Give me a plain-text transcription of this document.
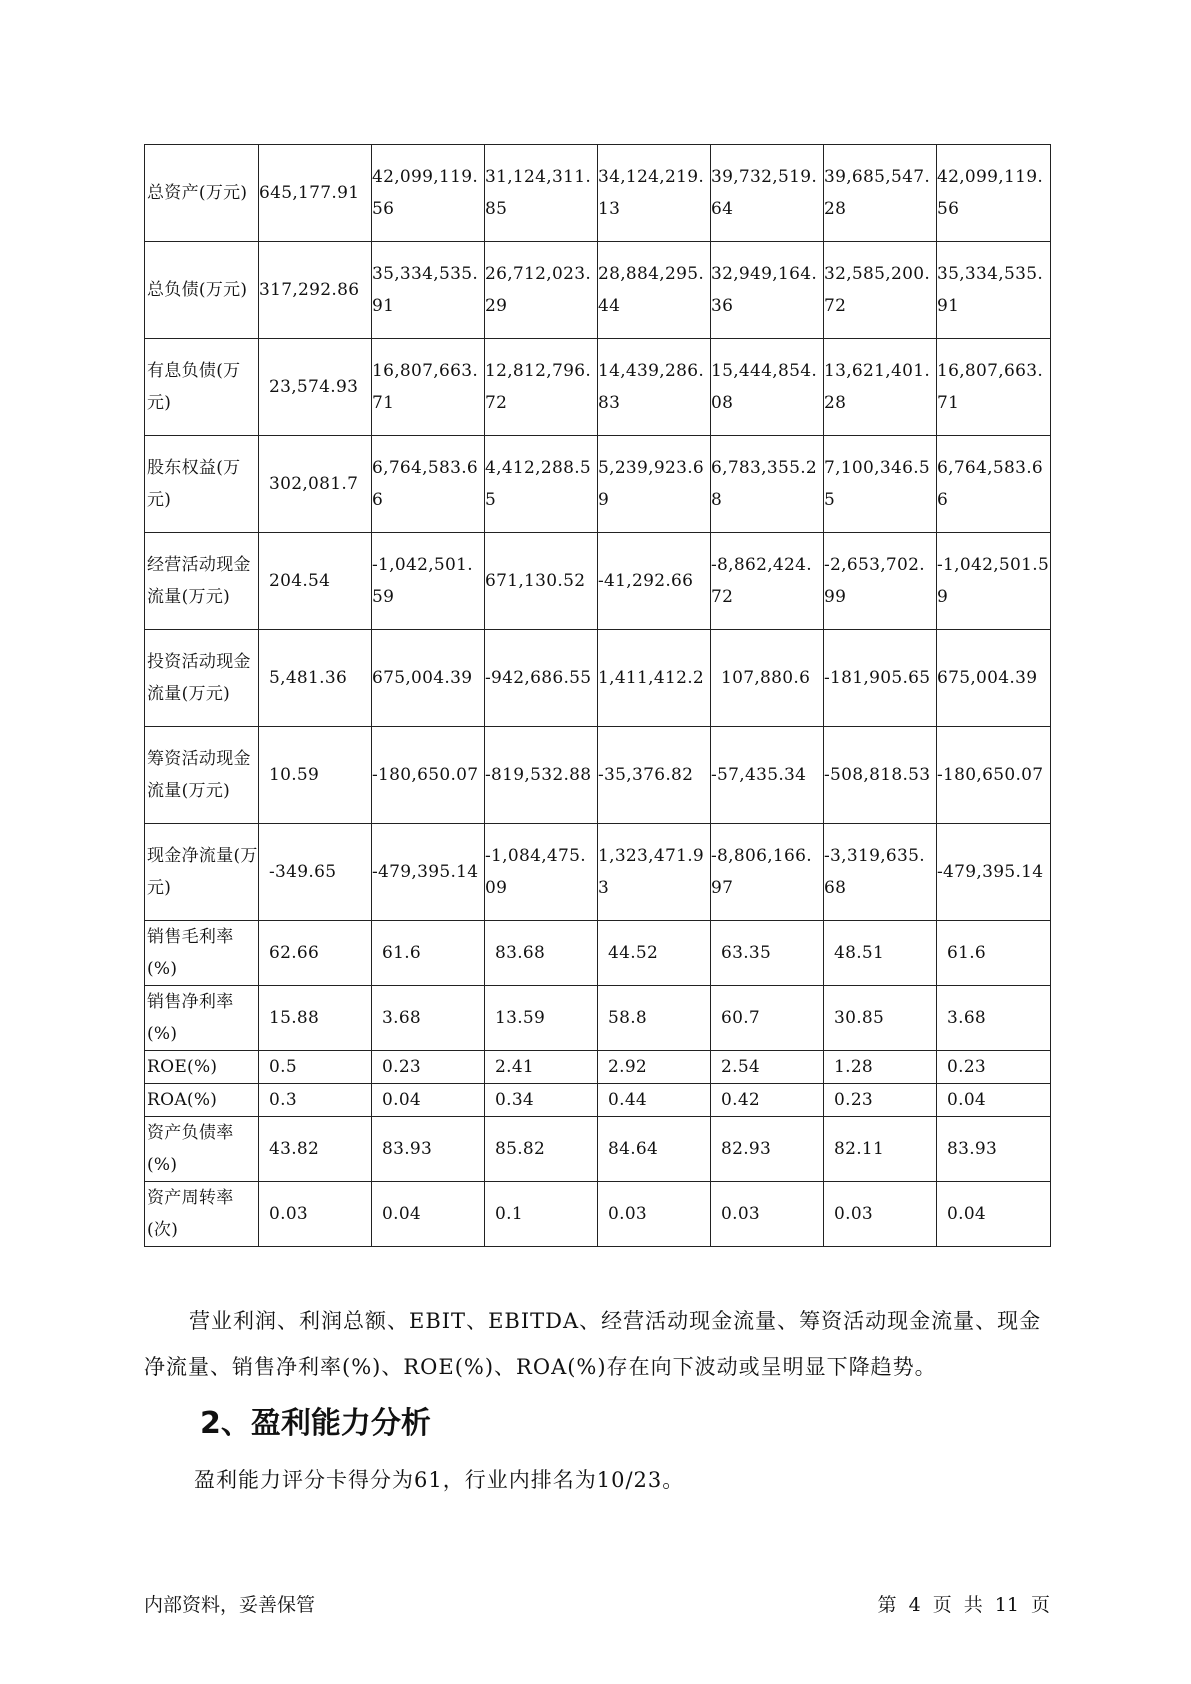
总资产(万元)	645,177.91	42,099,119.56	31,124,311.85	34,124,219.13	39,732,519.64	39,685,547.28	42,099,119.56

总负债(万元)	317,292.86	35,334,535.91	26,712,023.29	28,884,295.44	32,949,164.36	32,585,200.72	35,334,535.91

有息负债(万元)	23,574.93	16,807,663.71	12,812,796.72	14,439,286.83	15,444,854.08	13,621,401.28	16,807,663.71

股东权益(万元)	302,081.7	6,764,583.66	4,412,288.55	5,239,923.69	6,783,355.28	7,100,346.55	6,764,583.66

经营活动现金流量(万元)	204.54	-1,042,501.59	671,130.52	-41,292.66	-8,862,424.72	-2,653,702.99	-1,042,501.59

投资活动现金流量(万元)	5,481.36	675,004.39	-942,686.55	1,411,412.2	107,880.6	-181,905.65	675,004.39

筹资活动现金流量(万元)	10.59	-180,650.07	-819,532.88	-35,376.82	-57,435.34	-508,818.53	-180,650.07

现金净流量(万元)	-349.65	-479,395.14	-1,084,475.09	1,323,471.93	-8,806,166.97	-3,319,635.68	-479,395.14

销售毛利率(%)	62.66	61.6	83.68	44.52	63.35	48.51	61.6

销售净利率(%)	15.88	3.68	13.59	58.8	60.7	30.85	3.68

ROE(%)	0.5	0.23	2.41	2.92	2.54	1.28	0.23

ROA(%)	0.3	0.04	0.34	0.44	0.42	0.23	0.04

资产负债率(%)	43.82	83.93	85.82	84.64	82.93	82.11	83.93

资产周转率(次)	0.03	0.04	0.1	0.03	0.03	0.03	0.04
营业利润、利润总额、EBIT、EBITDA、经营活动现金流量、筹资活动现金流量、现金净流量、销售净利率(%)、ROE(%)、ROA(%)存在向下波动或呈明显下降趋势。
2、盈利能力分析
盈利能力评分卡得分为61，行业内排名为10/23。
内部资料，妥善保管	第 4 页 共 11 页
